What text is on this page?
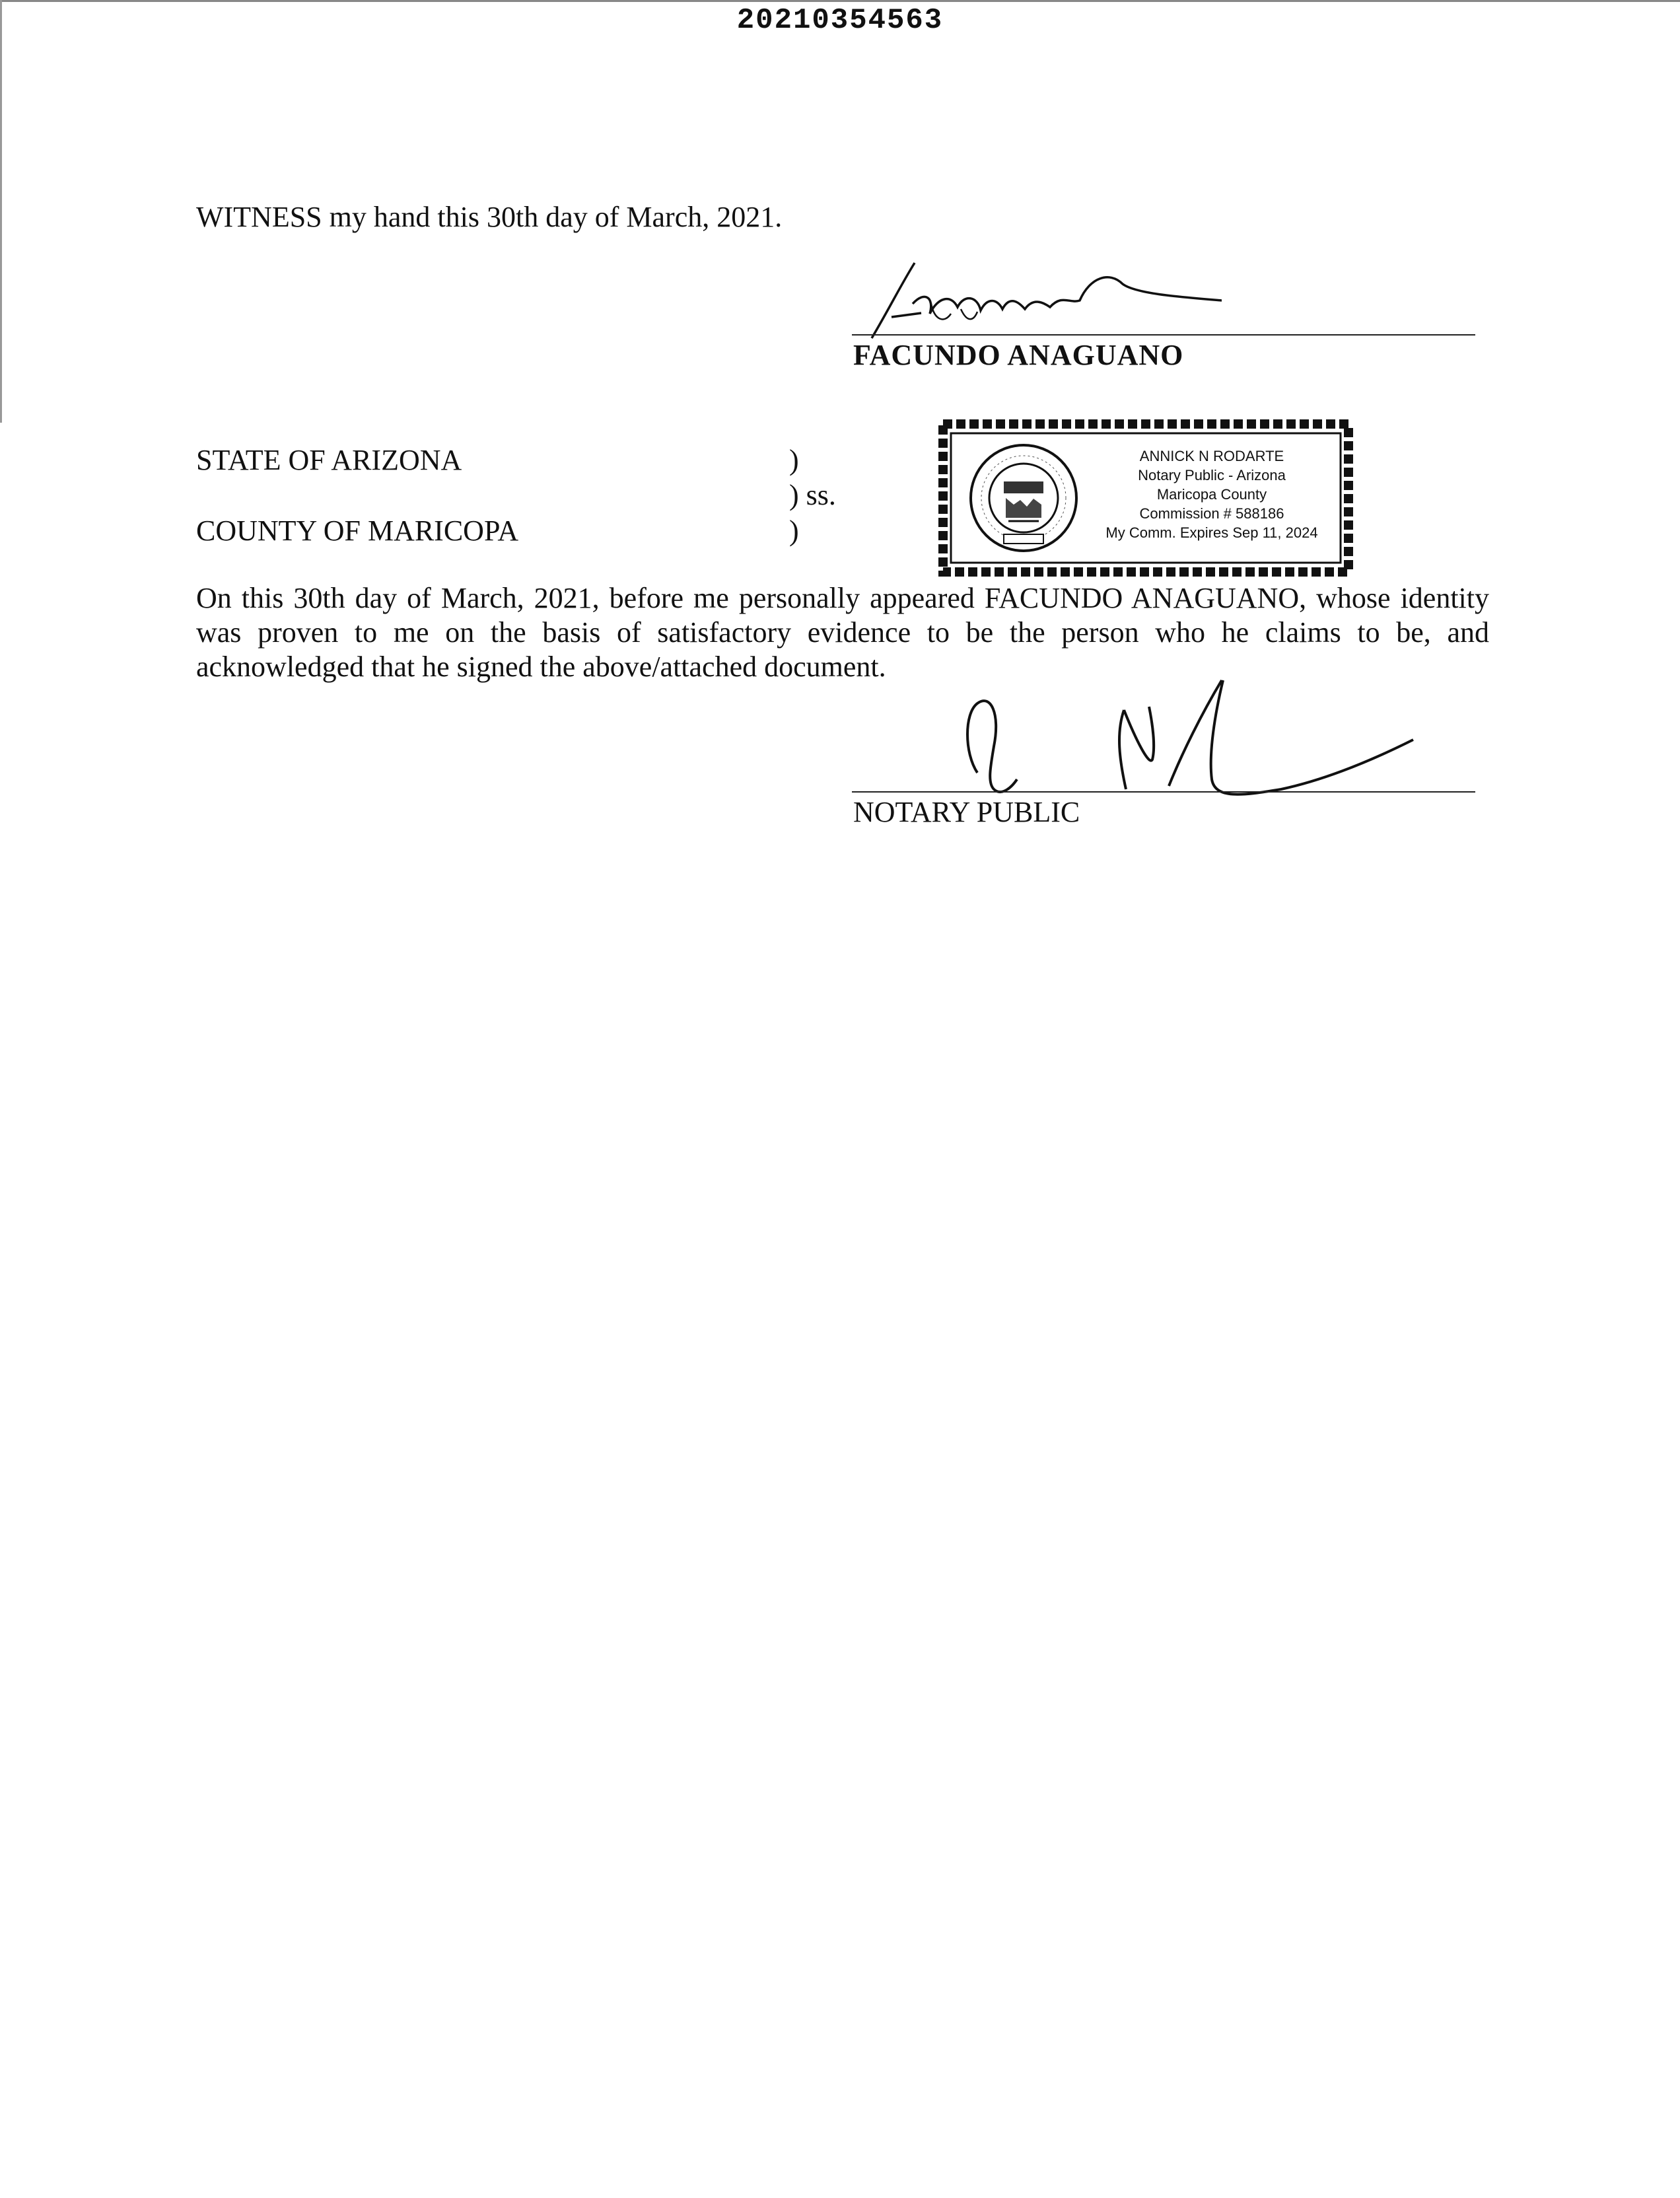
20210354563
WITNESS my hand this 30th day of March, 2021.
FACUNDO ANAGUANO
STATE OF ARIZONA
COUNTY OF MARICOPA
)
) ss.
)
ANNICK N RODARTE
Notary Public - Arizona
Maricopa County
Commission # 588186
My Comm. Expires Sep 11, 2024
On this 30th day of March, 2021, before me personally appeared FACUNDO ANAGUANO, whose identity was proven to me on the basis of satisfactory evidence to be the person who he claims to be, and acknowledged that he signed the above/attached document.
NOTARY PUBLIC
